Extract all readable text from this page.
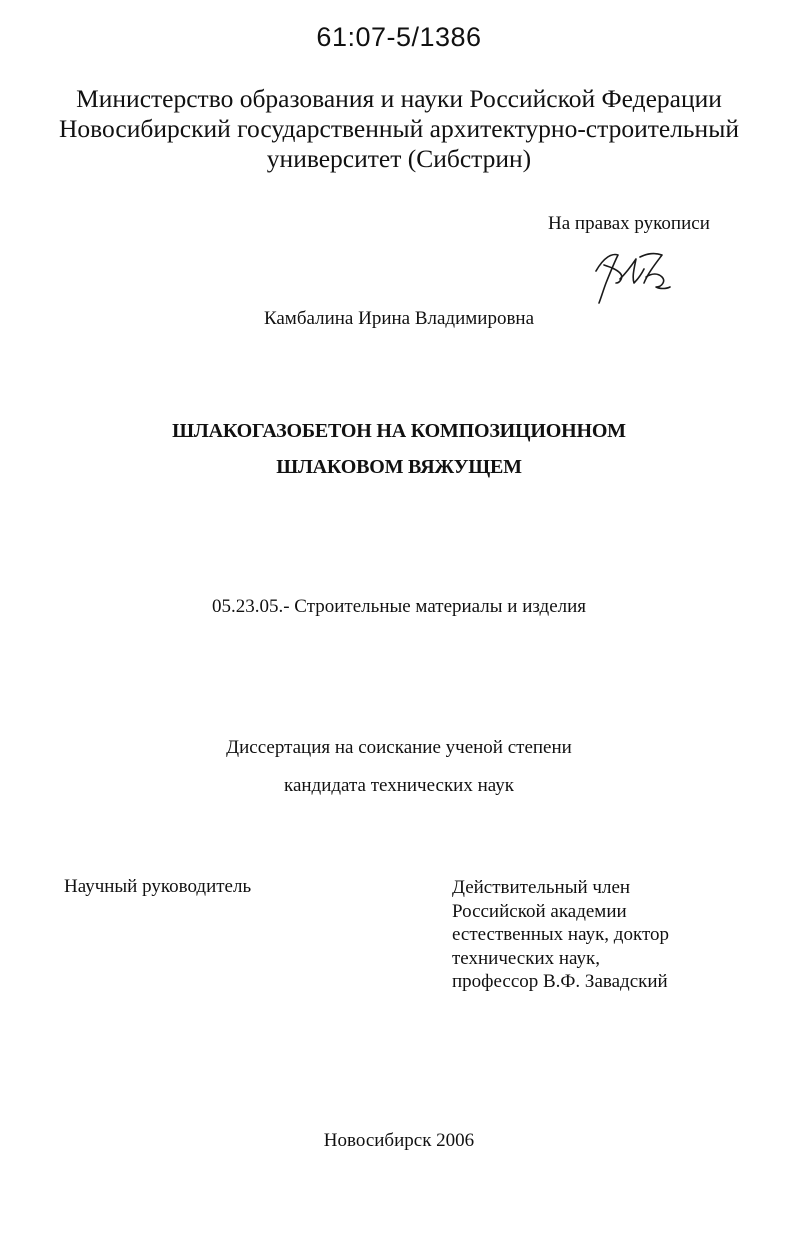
61:07-5/1386
Министерство образования и науки Российской Федерации
Новосибирский государственный архитектурно-строительный
университет (Сибстрин)
На правах рукописи
Камбалина Ирина Владимировна
ШЛАКОГАЗОБЕТОН НА КОМПОЗИЦИОННОМ
ШЛАКОВОМ ВЯЖУЩЕМ
05.23.05.- Строительные материалы и изделия
Диссертация на соискание ученой степени
кандидата технических наук
Научный руководитель	Действительный член
Российской академии
естественных наук, доктор
технических наук,
профессор В.Ф. Завадский
Новосибирск 2006
